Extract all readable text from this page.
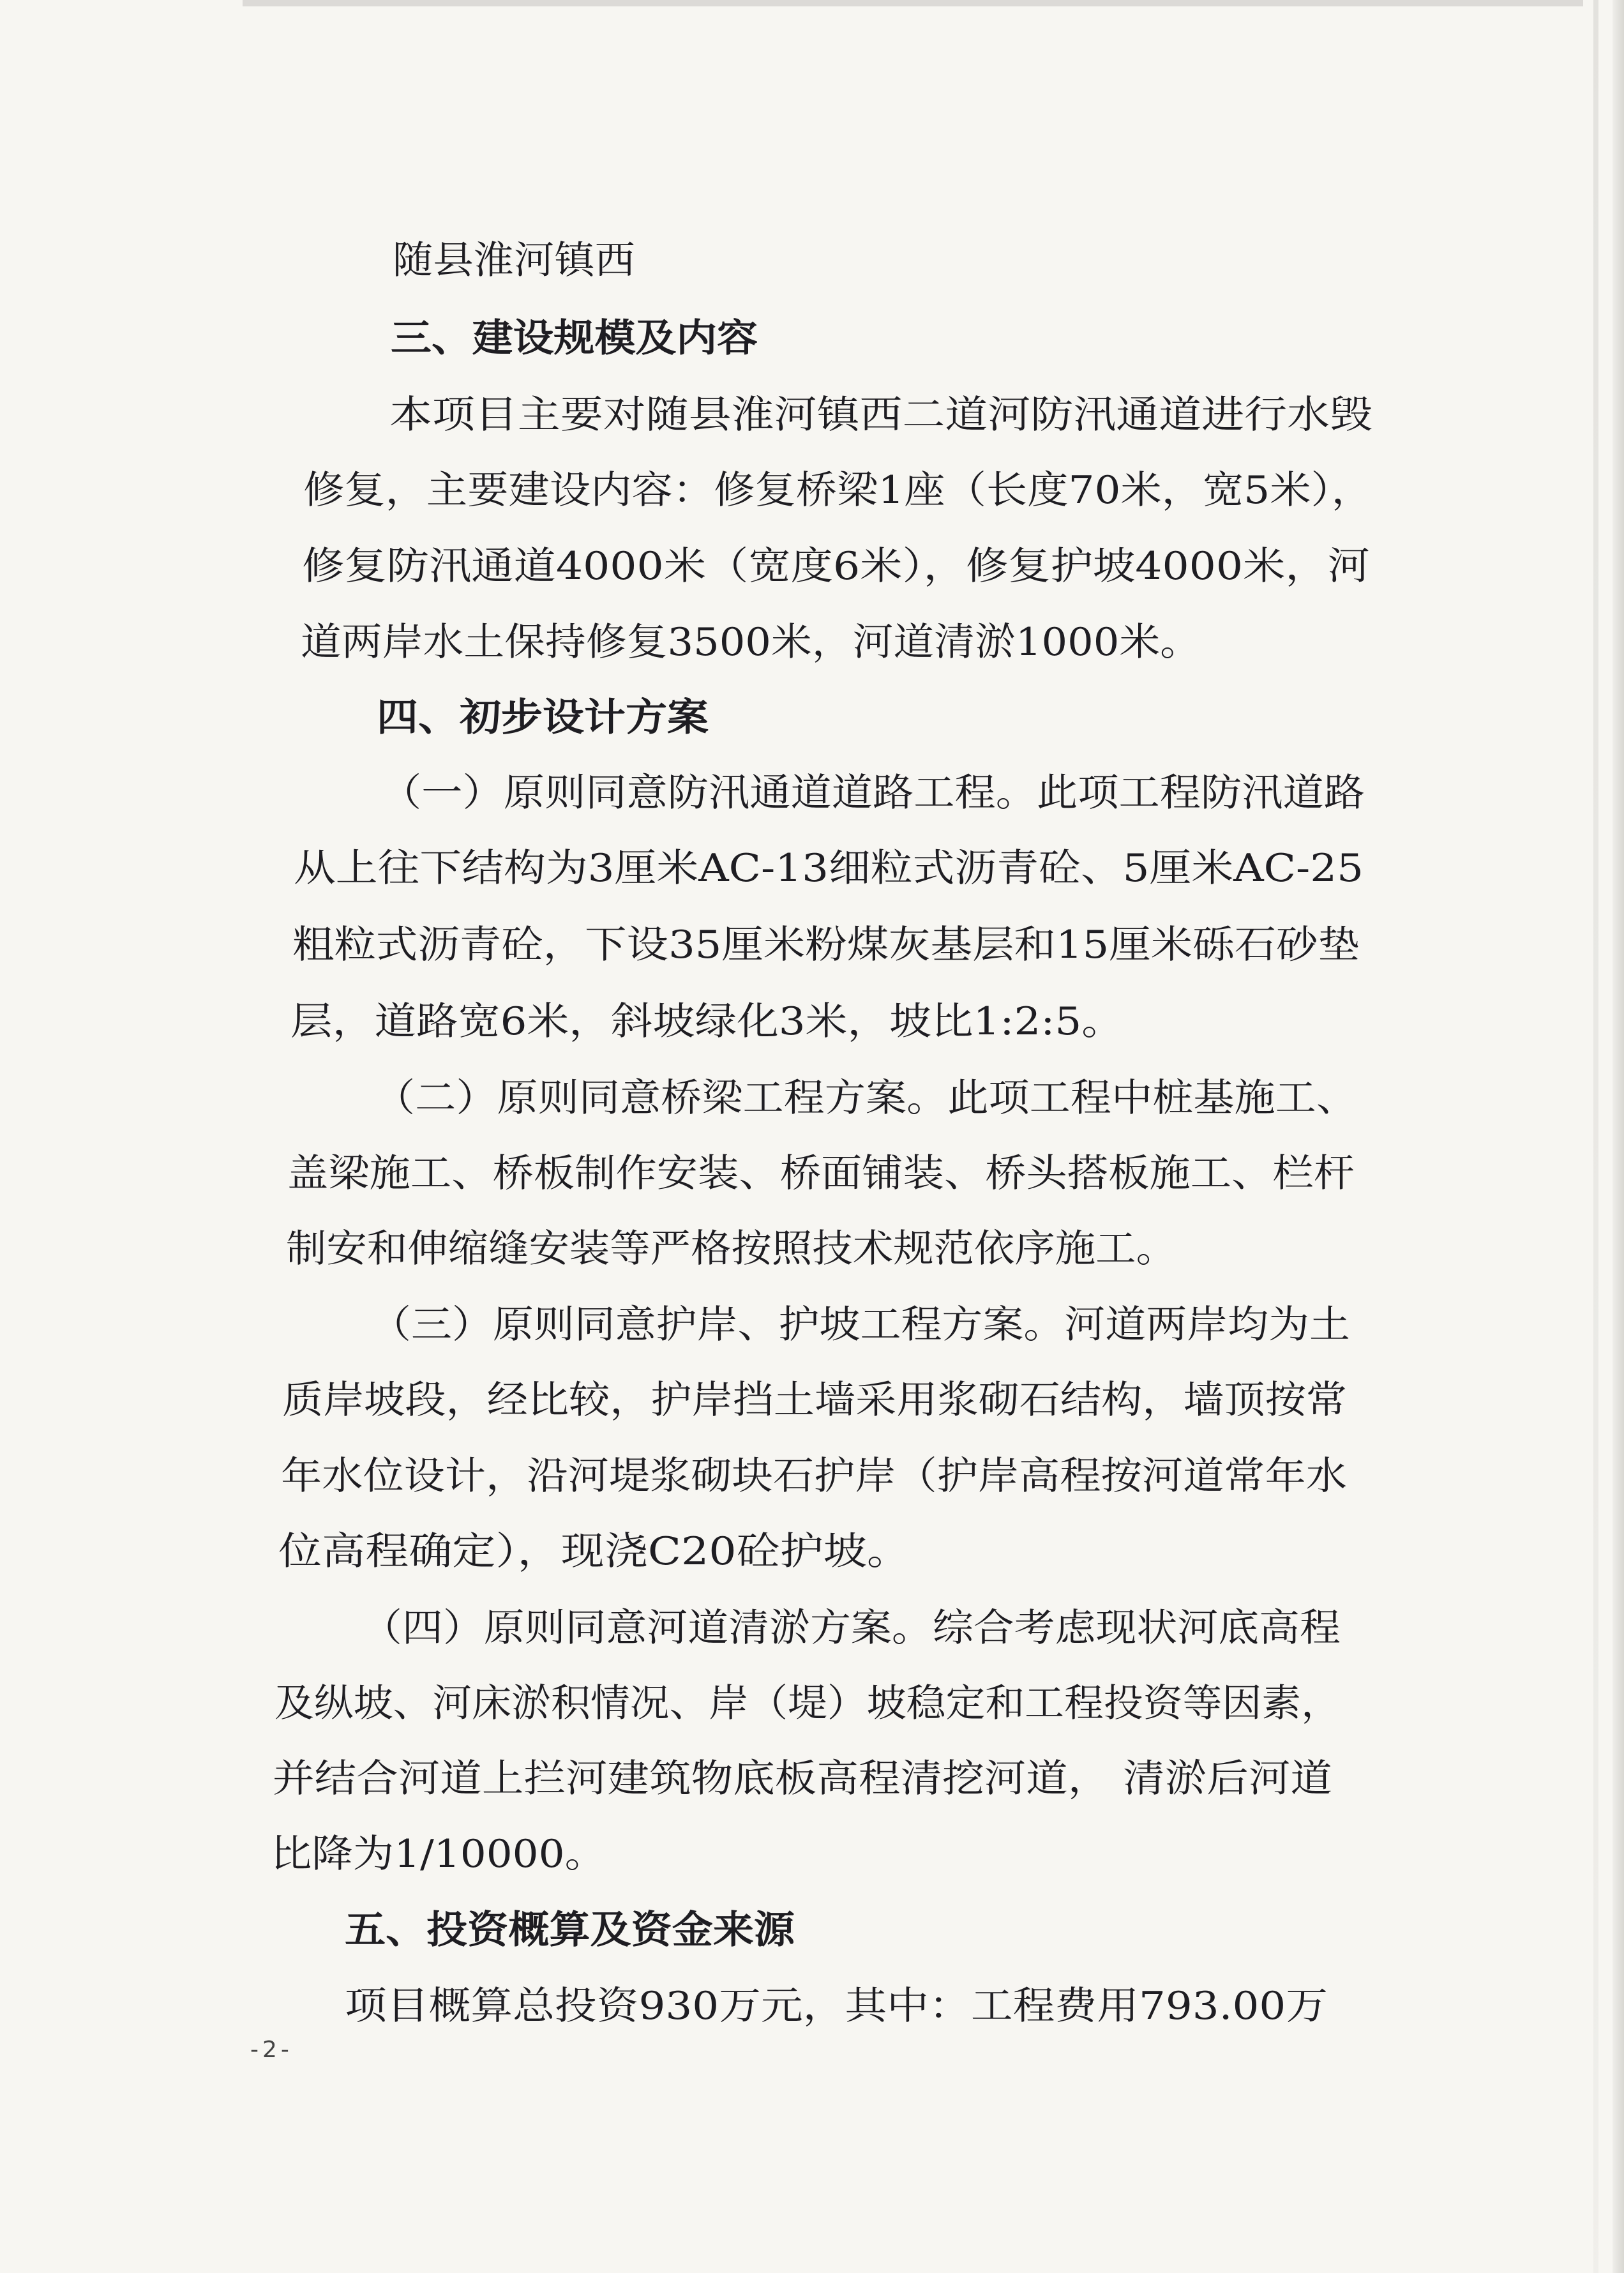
随县淮河镇西
三、建设规模及内容
本项目主要对随县淮河镇西二道河防汛通道进行水毁
修复，主要建设内容：修复桥梁1座（长度70米，宽5米），
修复防汛通道4000米（宽度6米），修复护坡4000米，河
道两岸水土保持修复3500米，河道清淤1000米。
四、初步设计方案
（一）原则同意防汛通道道路工程。此项工程防汛道路
从上往下结构为3厘米AC-13细粒式沥青砼、5厘米AC-25
粗粒式沥青砼，下设35厘米粉煤灰基层和15厘米砾石砂垫
层，道路宽6米，斜坡绿化3米，坡比1:2:5。
（二）原则同意桥梁工程方案。此项工程中桩基施工、
盖梁施工、桥板制作安装、桥面铺装、桥头搭板施工、栏杆
制安和伸缩缝安装等严格按照技术规范依序施工。
（三）原则同意护岸、护坡工程方案。河道两岸均为土
质岸坡段，经比较，护岸挡土墙采用浆砌石结构，墙顶按常
年水位设计，沿河堤浆砌块石护岸（护岸高程按河道常年水
位高程确定），现浇C20砼护坡。
（四）原则同意河道清淤方案。综合考虑现状河底高程
及纵坡、河床淤积情况、岸（堤）坡稳定和工程投资等因素，
并结合河道上拦河建筑物底板高程清挖河道， 清淤后河道
比降为1/10000。
五、投资概算及资金来源
项目概算总投资930万元，其中：工程费用793.00万
-2-
